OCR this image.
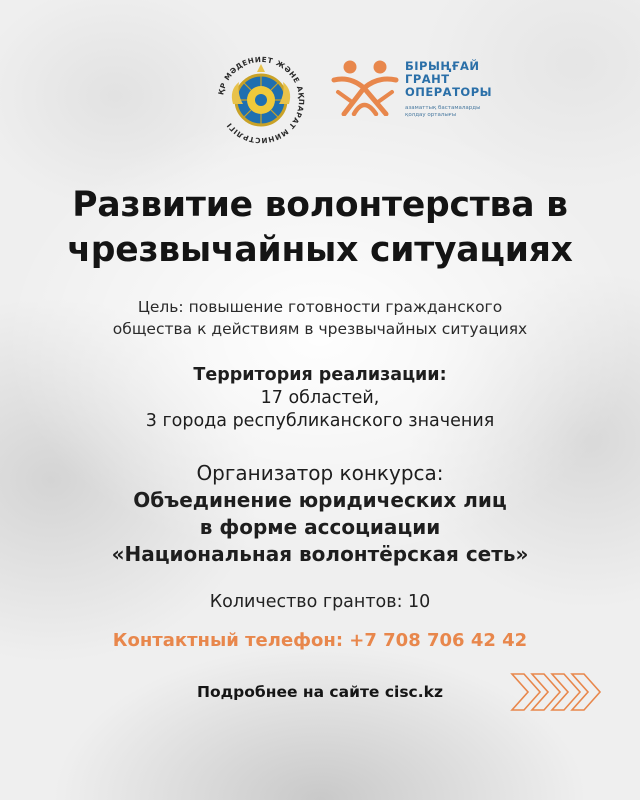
ҚР МӘДЕНИЕТ ЖӘНЕ АҚПАРАТ МИНИСТРЛІГІ
БІРЫҢҒАЙ
ГРАНТ
ОПЕРАТОРЫ
азаматтық бастамаларды қолдау орталығы
Развитие волонтерства в
чрезвычайных ситуациях
Цель: повышение готовности гражданского
общества к действиям в чрезвычайных ситуациях
Территория реализации:
17 областей,
3 города республиканского значения
Организатор конкурса:
Объединение юридических лиц
в форме ассоциации
«Национальная волонтёрская сеть»
Количество грантов: 10
Контактный телефон: +7 708 706 42 42
Подробнее на сайте cisc.kz
